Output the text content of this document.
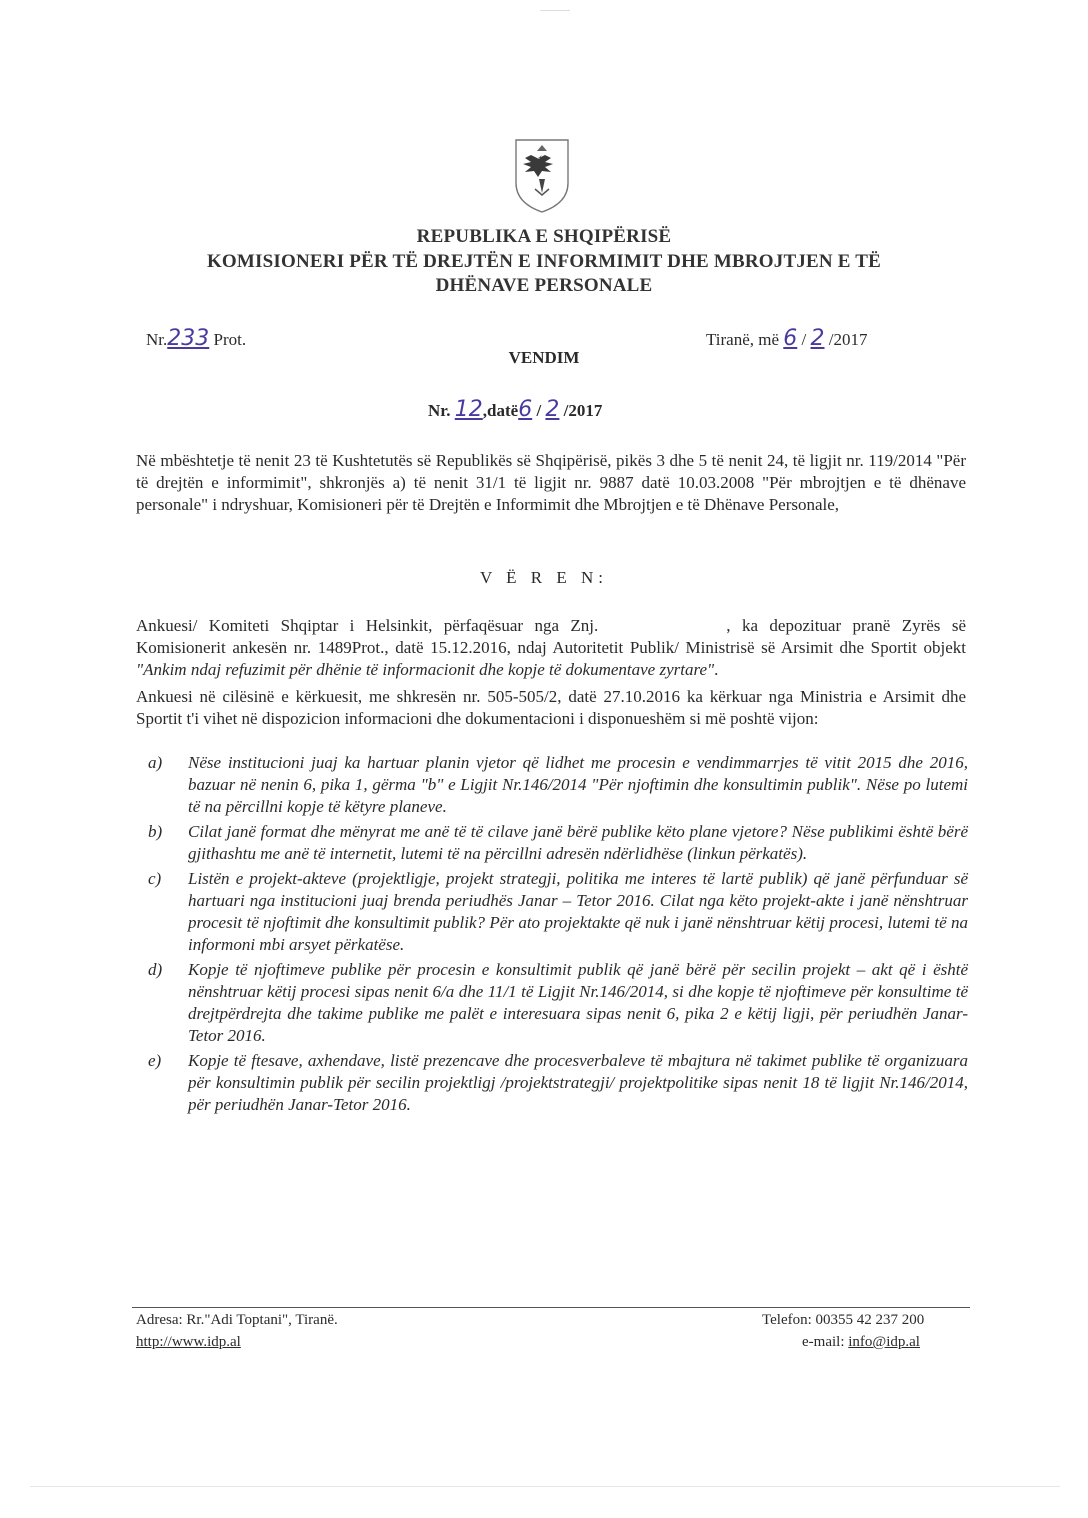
REPUBLIKA E SHQIPËRISË
KOMISIONERI PËR TË DREJTËN E INFORMIMIT DHE MBROJTJEN E TË
DHËNAVE PERSONALE
Nr.233 Prot.	Tiranë, më 6 / 2 /2017
VENDIM
Nr. 12,datë6 / 2 /2017
Në mbështetje të nenit 23 të Kushtetutës së Republikës së Shqipërisë, pikës 3 dhe 5 të nenit 24, të ligjit nr. 119/2014 "Për të drejtën e informimit", shkronjës a) të nenit 31/1 të ligjit nr. 9887 datë 10.03.2008 "Për mbrojtjen e të dhënave personale" i ndryshuar, Komisioneri për të Drejtën e Informimit dhe Mbrojtjen e të Dhënave Personale,
V Ë R E N:
Ankuesi/ Komiteti Shqiptar i Helsinkit, përfaqësuar nga Znj.	, ka depozituar pranë Zyrës së Komisionerit ankesën nr. 1489Prot., datë 15.12.2016, ndaj Autoritetit Publik/ Ministrisë së Arsimit dhe Sportit objekt "Ankim ndaj refuzimit për dhënie të informacionit dhe kopje të dokumentave zyrtare".
Ankuesi në cilësinë e kërkuesit, me shkresën nr. 505-505/2, datë 27.10.2016 ka kërkuar nga Ministria e Arsimit dhe Sportit t'i vihet në dispozicion informacioni dhe dokumentacioni i disponueshëm si më poshtë vijon:
a) Nëse institucioni juaj ka hartuar planin vjetor që lidhet me procesin e vendimmarrjes të vitit 2015 dhe 2016, bazuar në nenin 6, pika 1, gërma "b" e Ligjit Nr.146/2014 "Për njoftimin dhe konsultimin publik". Nëse po lutemi të na përcillni kopje të këtyre planeve.
b) Cilat janë format dhe mënyrat me anë të të cilave janë bërë publike këto plane vjetore? Nëse publikimi është bërë gjithashtu me anë të internetit, lutemi të na përcillni adresën ndërlidhëse (linkun përkatës).
c) Listën e projekt-akteve (projektligje, projekt strategji, politika me interes të lartë publik) që janë përfunduar së hartuari nga institucioni juaj brenda periudhës Janar – Tetor 2016. Cilat nga këto projekt-akte i janë nënshtruar procesit të njoftimit dhe konsultimit publik? Për ato projektakte që nuk i janë nënshtruar këtij procesi, lutemi të na informoni mbi arsyet përkatëse.
d) Kopje të njoftimeve publike për procesin e konsultimit publik që janë bërë për secilin projekt – akt që i është nënshtruar këtij procesi sipas nenit 6/a dhe 11/1 të Ligjit Nr.146/2014, si dhe kopje të njoftimeve për konsultime të drejtpërdrejta dhe takime publike me palët e interesuara sipas nenit 6, pika 2 e këtij ligji, për periudhën Janar-Tetor 2016.
e) Kopje të ftesave, axhendave, listë prezencave dhe procesverbaleve të mbajtura në takimet publike të organizuara për konsultimin publik për secilin projektligj /projektstrategji/ projektpolitike sipas nenit 18 të ligjit Nr.146/2014, për periudhën Janar-Tetor 2016.
Adresa: Rr."Adi Toptani", Tiranë.
http://www.idp.al
Telefon: 00355 42 237 200
e-mail: info@idp.al
